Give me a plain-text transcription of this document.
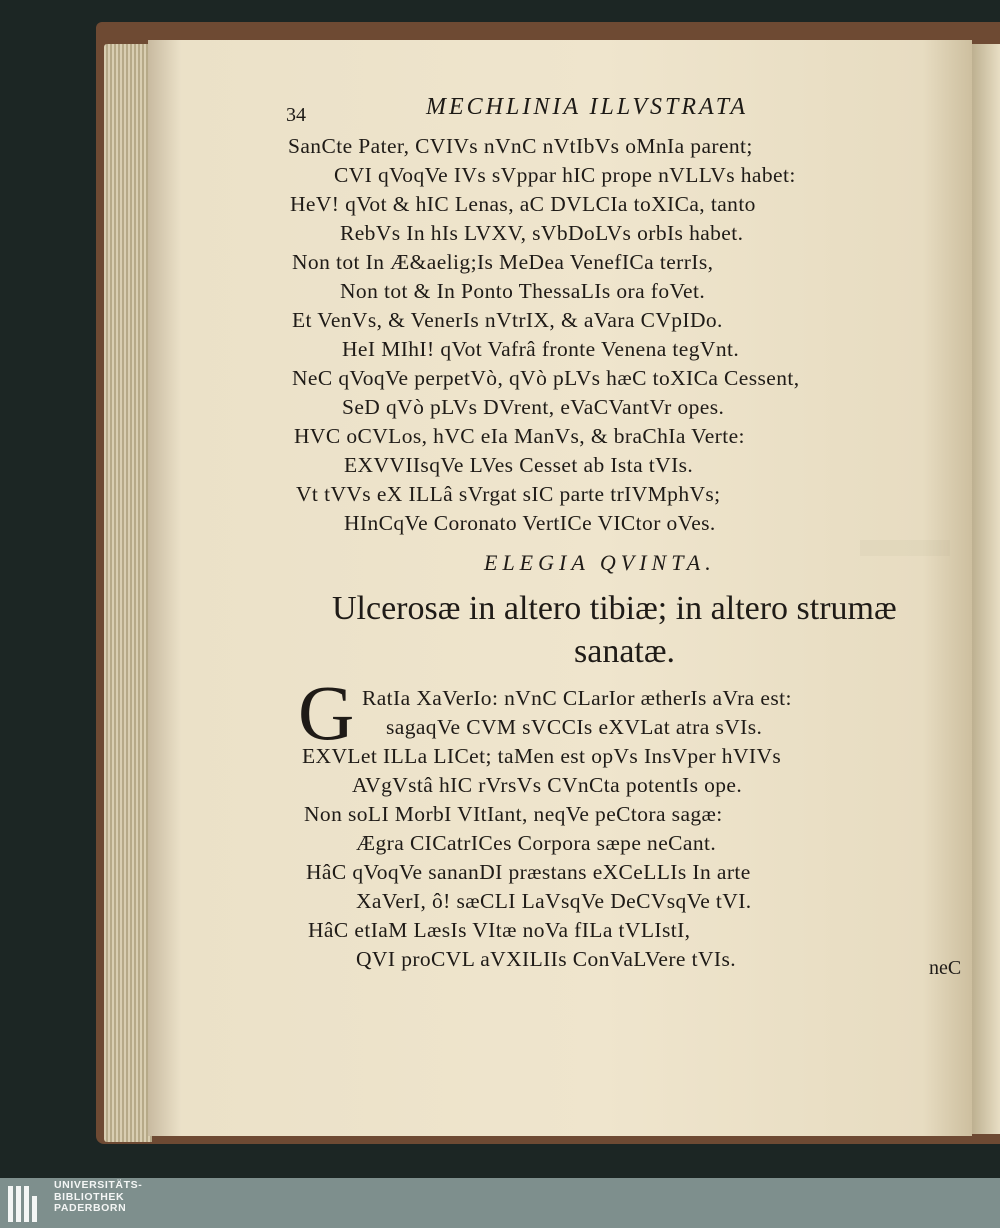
34	MECHLINIA ILLVSTRATA
SanCte Pater, CVIVs nVnC nVtIbVs oMnIa parent;
CVI qVoqVe IVs sVppar hIC prope nVLLVs habet:
HeV! qVot & hIC Lenas, aC DVLCIa toXICa, tanto
RebVs In hIs LVXV, sVbDoLVs orbIs habet.
Non tot In Æ&aelig;Is MeDea VenefICa terrIs,
Non tot & In Ponto ThessaLIs ora foVet.
Et VenVs, & VenerIs nVtrIX, & aVara CVpIDo.
HeI MIhI! qVot Vafrâ fronte Venena tegVnt.
NeC qVoqVe perpetVò, qVò pLVs hæC toXICa Cessent,
SeD qVò pLVs DVrent, eVaCVantVr opes.
HVC oCVLos, hVC eIa ManVs, & braChIa Verte:
EXVVIIsqVe LVes Cesset ab Ista tVIs.
Vt tVVs eX ILLâ sVrgat sIC parte trIVMphVs;
HInCqVe Coronato VertICe VICtor oVes.
ELEGIA QVINTA.
Ulcerosæ in altero tibiæ; in altero strumæ
sanatæ.
G RatIa XaVerIo: nVnC CLarIor ætherIs aVra est:
sagaqVe CVM sVCCIs eXVLat atra sVIs.
EXVLet ILLa LICet; taMen est opVs InsVper hVIVs
AVgVstâ hIC rVrsVs CVnCta potentIs ope.
Non soLI MorbI VItIant, neqVe peCtora sagæ:
Ægra CICatrICes Corpora sæpe neCant.
HâC qVoqVe sananDI præstans eXCeLLIs In arte
XaVerI, ô! sæCLI LaVsqVe DeCVsqVe tVI.
HâC etIaM LæsIs VItæ noVa fILa tVLIstI,
QVI proCVL aVXILIIs ConVaLVere tVIs.	neC
UNIVERSITÄTS-
BIBLIOTHEK
PADERBORN
